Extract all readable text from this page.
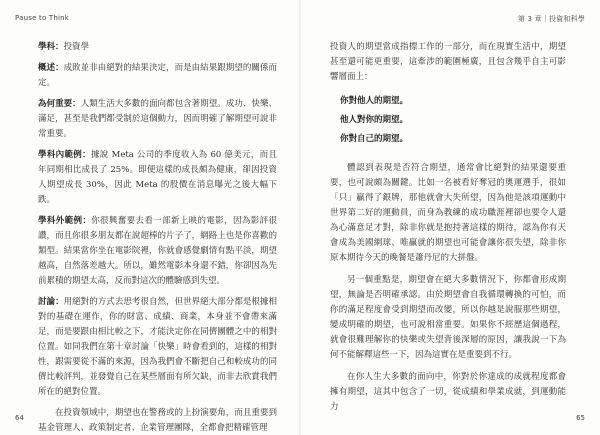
Pause to Think	第 3 章｜投資和科學

學科：投資學

概述：成敗並非由絕對的結果決定，而是由結果跟期望的關係而定。

為何重要：人類生活大多數的面向都包含著期望。成功、快樂、滿足，甚至是我們都受制於這個動力，因而明確了解期望可說非常重要。

學科內範例：據說 Meta 公司的季度收入為 60 億美元，而且年同期相比成長了 25%。即便這樣的成長頗為健康，卻因投資人期望成長 30%，因此 Meta 的股價在消息曝光之後大幅下跌。

學科外範例：你很興奮要去看一部新上映的電影，因為影評很讚，而且你很多朋友都在說超棒的片子了，網路上也是你喜歡的類型。結果當你坐在電影院裡，你就會感覺劇情有點平淡，期望越高，自然落差越大。所以，雖然電影本身還不錯，你卻因為先前累積的期望太高，反而對這次的體驗感到失望。

討論：用絕對的方式去思考很自然，但世界絕大部分都是根據相對的基礎在運作，你的財富、成績、商業，本身並不會帶來滿足，而是要跟由相比較之下，才能決定你在同儕團體之中的相對位置。如同我們在第十章討論「快樂」時會看到的，這樣的相對性，跟需要從不滿的來源，因為我們會不斷把自己和較成功的同儕比較評判，並發覺自己在某些層面有所欠缺，而非去欣賞我們所在的絕對位置。

在投資領域中，期望也在警務或的上扮演要角，而且重要到基金管理人、政策制定者、企業管理團隊，全都會把精確管理

投資人的期望當成指標工作的一部分，而在現實生活中，期望甚至還可能更重要，這牽涉的範圍極廣，且包含幾乎自主可影響層面上：

你對他人的期望。
他人對你的期望。
你對自己的期望。

體認到表現是否符合期望，通常會比絕對的結果還要重要，也可說頗為關鍵。比如一名被看好奪冠的奧運選手，很如「只」贏得了銀牌，那他就會大失所望，因為他是該項運動中世界第二好的運動員，而身為教練的成功職涯裡卻也要令人還為心滿意足才對，除非你就是抱持著這樣的期待，認為你有天會成為美國網球、唯贏就的期望也可能會讓你很失望，除非你原本期待今天的晚餐是蕭丹尼的大拼盤。

另一個重點是，期望會在絕大多數情況下，你都會形成期望，無論是否明確承認。由於期望會自我循環轉換的可怕，而你的滿足程度會受到期望而改變，所以你越是說服那些期望，變成明確的期望，也可說相當重要。如果你不經歷這個過程，就會很難理解你的快樂或失望背後深層的原因，讓我說一下為何不能解釋這些一下，因為這實在是重要到不行。

在你人生大多數的面向中，你對於你達成的成就程度都會擁有期望，這其中包含了一切，從成績和學業成就，到運動能力

64	65
